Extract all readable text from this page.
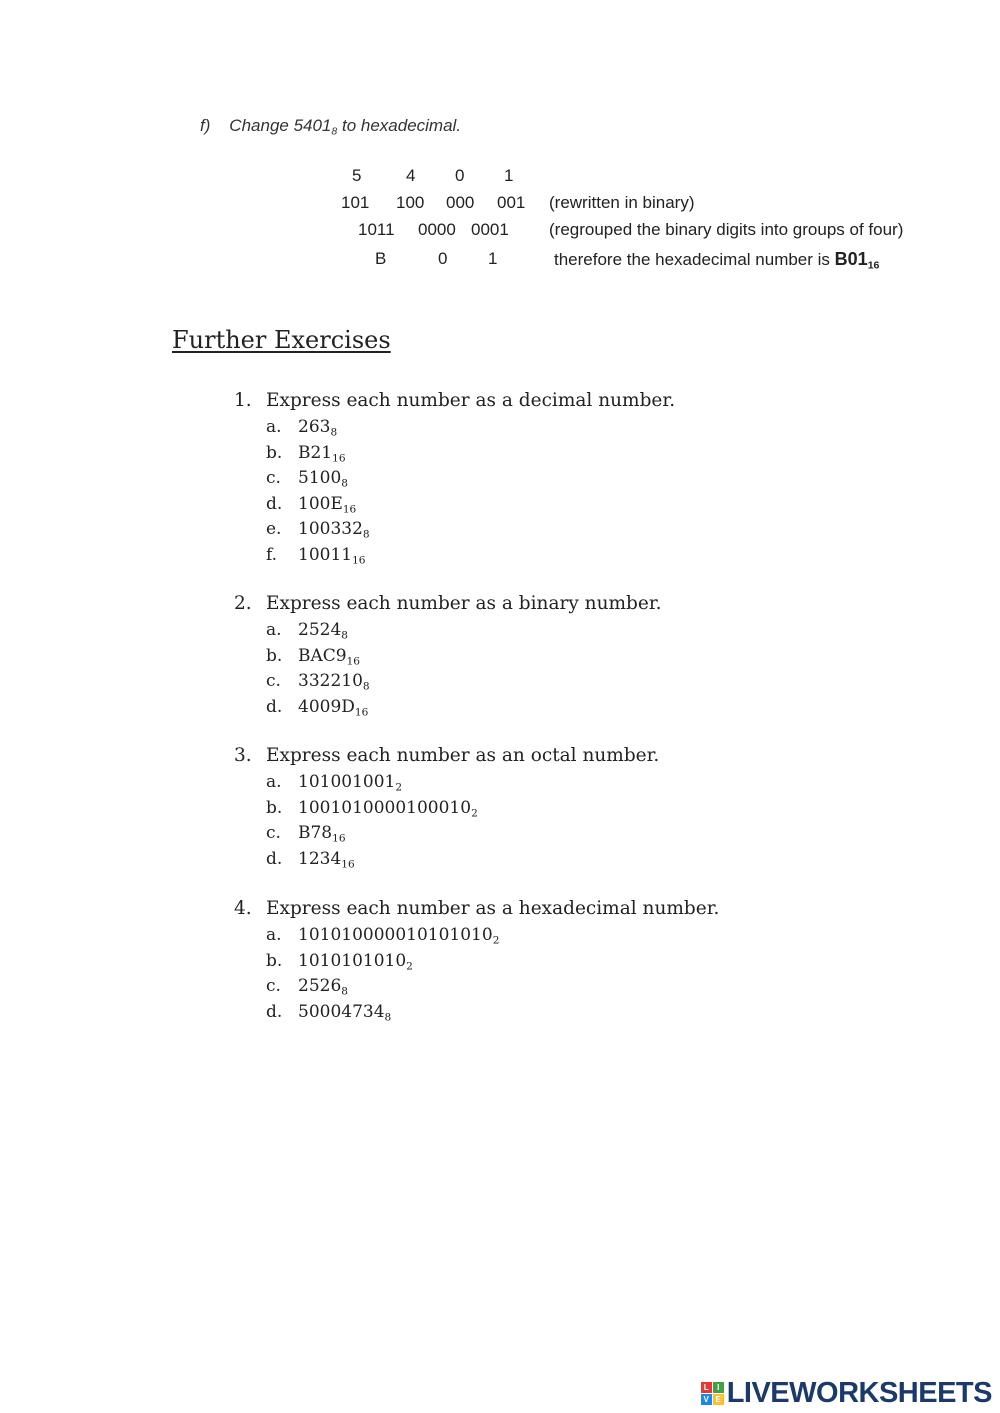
f) Change $5401_8$ to hexadecimal.
5	4 0 1
101 100 000 001 (rewritten in binary)
1011 0000 0001 (regrouped the binary digits into groups of four)
B	0 1	therefore the hexadecimal number is $B01_{16}$
Further Exercises
1. Express each number as a decimal number.
a. $263_8$
b. $B21_{16}$
c. $5100_8$
d. $100E_{16}$
e. $100332_8$
f. $10011_{16}$
2. Express each number as a binary number.
a. $2524_8$
b. $BAC9_{16}$
c. $332210_8$
d. $4009D_{16}$
3. Express each number as an octal number.
a. $101001001_2$
b. $1001010000100010_2$
c. $B78_{16}$
d. $1234_{16}$
4. Express each number as a hexadecimal number.
a. $101010000010101010_2$
b. $1010101010_2$
c. $2526_8$
d. $50004734_8$
L	I
V E LIVEWORKSHEETS
